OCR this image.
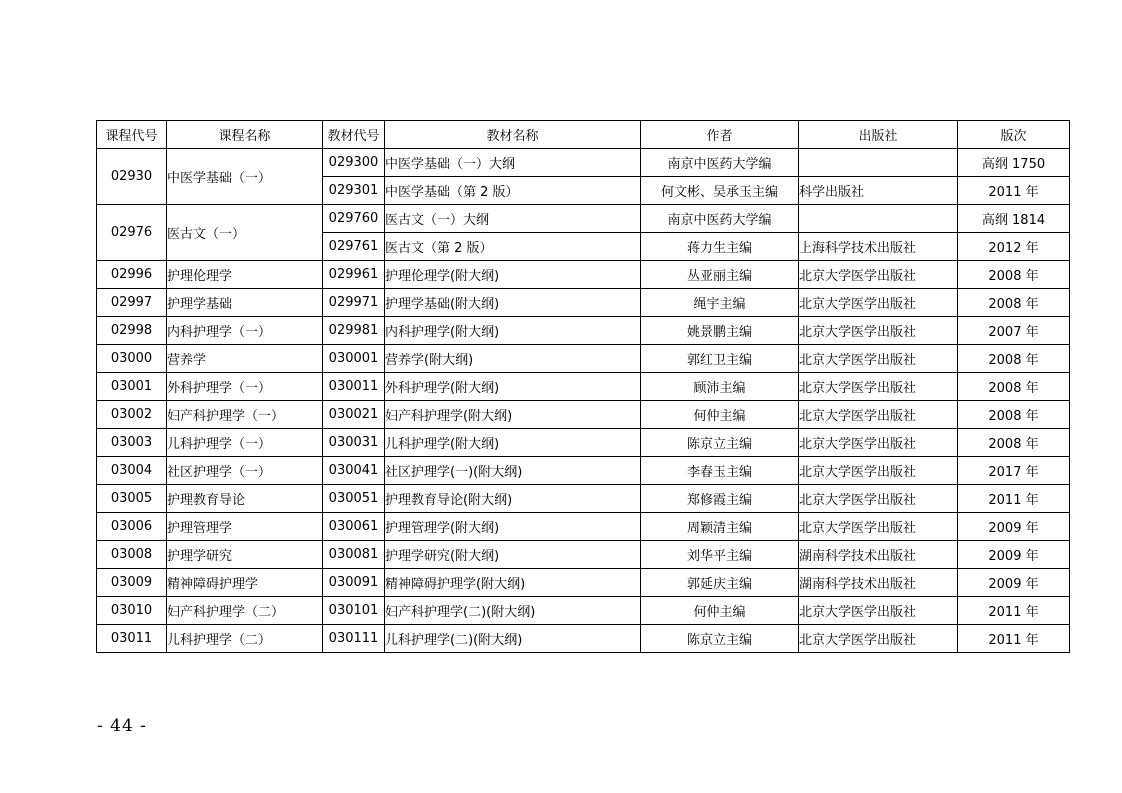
课程代号	课程名称	教材代号	教材名称	作者	出版社	版次
02930	中医学基础（一）	029300	中医学基础（一）大纲	南京中医药大学编		高纲 1750
		029301	中医学基础（第 2 版）	何文彬、吴承玉主编	科学出版社	2011 年
02976	医古文（一）	029760	医古文（一）大纲	南京中医药大学编		高纲 1814
		029761	医古文（第 2 版）	蒋力生主编	上海科学技术出版社	2012 年
02996	护理伦理学	029961	护理伦理学(附大纲)	丛亚丽主编	北京大学医学出版社	2008 年
02997	护理学基础	029971	护理学基础(附大纲)	绳宇主编	北京大学医学出版社	2008 年
02998	内科护理学（一）	029981	内科护理学(附大纲)	姚景鹏主编	北京大学医学出版社	2007 年
03000	营养学	030001	营养学(附大纲)	郭红卫主编	北京大学医学出版社	2008 年
03001	外科护理学（一）	030011	外科护理学(附大纲)	顾沛主编	北京大学医学出版社	2008 年
03002	妇产科护理学（一）	030021	妇产科护理学(附大纲)	何仲主编	北京大学医学出版社	2008 年
03003	儿科护理学（一）	030031	儿科护理学(附大纲)	陈京立主编	北京大学医学出版社	2008 年
03004	社区护理学（一）	030041	社区护理学(一)(附大纲)	李春玉主编	北京大学医学出版社	2017 年
03005	护理教育导论	030051	护理教育导论(附大纲)	郑修霞主编	北京大学医学出版社	2011 年
03006	护理管理学	030061	护理管理学(附大纲)	周颖清主编	北京大学医学出版社	2009 年
03008	护理学研究	030081	护理学研究(附大纲)	刘华平主编	湖南科学技术出版社	2009 年
03009	精神障碍护理学	030091	精神障碍护理学(附大纲)	郭延庆主编	湖南科学技术出版社	2009 年
03010	妇产科护理学（二）	030101	妇产科护理学(二)(附大纲)	何仲主编	北京大学医学出版社	2011 年
03011	儿科护理学（二）	030111	儿科护理学(二)(附大纲)	陈京立主编	北京大学医学出版社	2011 年
- 44 -
